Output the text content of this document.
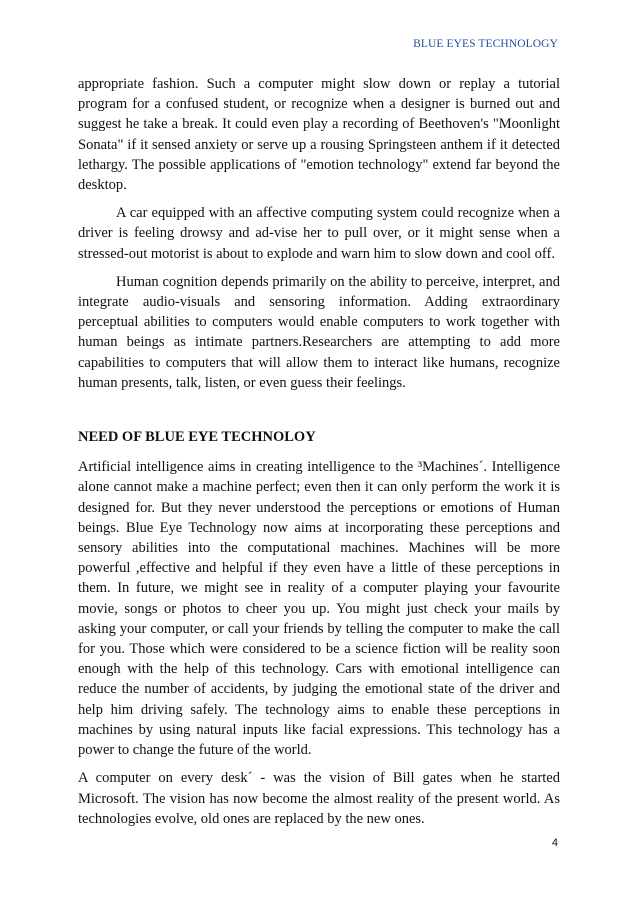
BLUE EYES TECHNOLOGY

appropriate fashion. Such a computer might slow down or replay a tutorial program for a confused student, or recognize when a designer is burned out and suggest he take a break. It could even play a recording of Beethoven's "Moonlight Sonata" if it sensed anxiety or serve up a rousing Springsteen anthem if it detected lethargy. The possible applications of "emotion technology" extend far beyond the desktop.

A car equipped with an affective computing system could recognize when a driver is feeling drowsy and ad-vise her to pull over, or it might sense when a stressed-out motorist is about to explode and warn him to slow down and cool off.

Human cognition depends primarily on the ability to perceive, interpret, and integrate audio-visuals and sensoring information. Adding extraordinary perceptual abilities to computers would enable computers to work together with human beings as intimate partners.Researchers are attempting to add more capabilities to computers that will allow them to interact like humans, recognize human presents, talk, listen, or even guess their feelings.

NEED OF BLUE EYE TECHNOLOY

Artificial intelligence aims in creating intelligence to the ³Machines´. Intelligence alone cannot make a machine perfect; even then it can only perform the work it is designed for. But they never understood the perceptions or emotions of Human beings. Blue Eye Technology now aims at incorporating these perceptions and sensory abilities into the computational machines. Machines will be more powerful ,effective and helpful if they even have a little of these perceptions in them. In future, we might see in reality of a computer playing your favourite movie, songs or photos to cheer you up. You might just check your mails by asking your computer, or call your friends by telling the computer to make the call for you. Those which were considered to be a science fiction will be reality soon enough with the help of this technology. Cars with emotional intelligence can reduce the number of accidents, by judging the emotional state of the driver and help him driving safely. The technology aims to enable these perceptions in machines by using natural inputs like facial expressions. This technology has a power to change the future of the world.

A computer on every desk´ - was the vision of Bill gates when he started Microsoft. The vision has now become the almost reality of the present world. As technologies evolve, old ones are replaced by the new ones.

4
